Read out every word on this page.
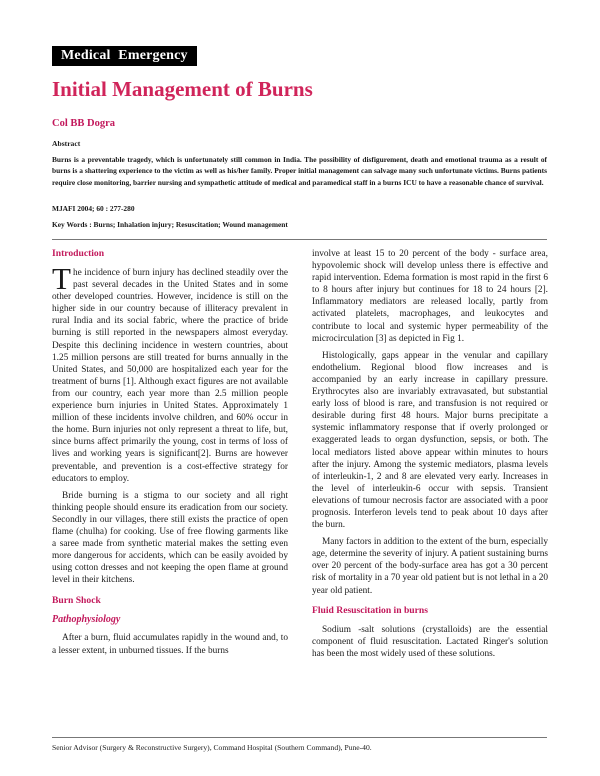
Medical Emergency
Initial Management of Burns
Col BB Dogra
Abstract

Burns is a preventable tragedy, which is unfortunately still common in India. The possibility of disfigurement, death and emotional trauma as a result of burns is a shattering experience to the victim as well as his/her family. Proper initial management can salvage many such unfortunate victims. Burns patients require close monitoring, barrier nursing and sympathetic attitude of medical and paramedical staff in a burns ICU to have a reasonable chance of survival.

MJAFI 2004; 60 : 277-280
Key Words : Burns; Inhalation injury; Resuscitation; Wound management
Introduction

The incidence of burn injury has declined steadily over the past several decades in the United States and in some other developed countries. However, incidence is still on the higher side in our country because of illiteracy prevalent in rural India and its social fabric, where the practice of bride burning is still reported in the newspapers almost everyday. Despite this declining incidence in western countries, about 1.25 million persons are still treated for burns annually in the United States, and 50,000 are hospitalized each year for the treatment of burns [1]. Although exact figures are not available from our country, each year more than 2.5 million people experience burn injuries in United States. Approximately 1 million of these incidents involve children, and 60% occur in the home. Burn injuries not only represent a threat to life, but, since burns affect primarily the young, cost in terms of loss of lives and working years is significant[2]. Burns are however preventable, and prevention is a cost-effective strategy for educators to employ.

Bride burning is a stigma to our society and all right thinking people should ensure its eradication from our society. Secondly in our villages, there still exists the practice of open flame (chulha) for cooking. Use of free flowing garments like a saree made from synthetic material makes the setting even more dangerous for accidents, which can be easily avoided by using cotton dresses and not keeping the open flame at ground level in their kitchens.

Burn Shock
Pathophysiology

After a burn, fluid accumulates rapidly in the wound and, to a lesser extent, in unburned tissues. If the burns

involve at least 15 to 20 percent of the body - surface area, hypovolemic shock will develop unless there is effective and rapid intervention. Edema formation is most rapid in the first 6 to 8 hours after injury but continues for 18 to 24 hours [2]. Inflammatory mediators are released locally, partly from activated platelets, macrophages, and leukocytes and contribute to local and systemic hyper permeability of the microcirculation [3] as depicted in Fig 1.

Histologically, gaps appear in the venular and capillary endothelium. Regional blood flow increases and is accompanied by an early increase in capillary pressure. Erythrocytes also are invariably extravasated, but substantial early loss of blood is rare, and transfusion is not required or desirable during first 48 hours. Major burns precipitate a systemic inflammatory response that if overly prolonged or exaggerated leads to organ dysfunction, sepsis, or both. The local mediators listed above appear within minutes to hours after the injury. Among the systemic mediators, plasma levels of interleukin-1, 2 and 8 are elevated very early. Increases in the level of interleukin-6 occur with sepsis. Transient elevations of tumour necrosis factor are associated with a poor prognosis. Interferon levels tend to peak about 10 days after the burn.

Many factors in addition to the extent of the burn, especially age, determine the severity of injury. A patient sustaining burns over 20 percent of the body-surface area has got a 30 percent risk of mortality in a 70 year old patient but is not lethal in a 20 year old patient.

Fluid Resuscitation in burns

Sodium -salt solutions (crystalloids) are the essential component of fluid resuscitation. Lactated Ringer's solution has been the most widely used of these solutions.

Senior Advisor (Surgery & Reconstructive Surgery), Command Hospital (Southern Command), Pune-40.
